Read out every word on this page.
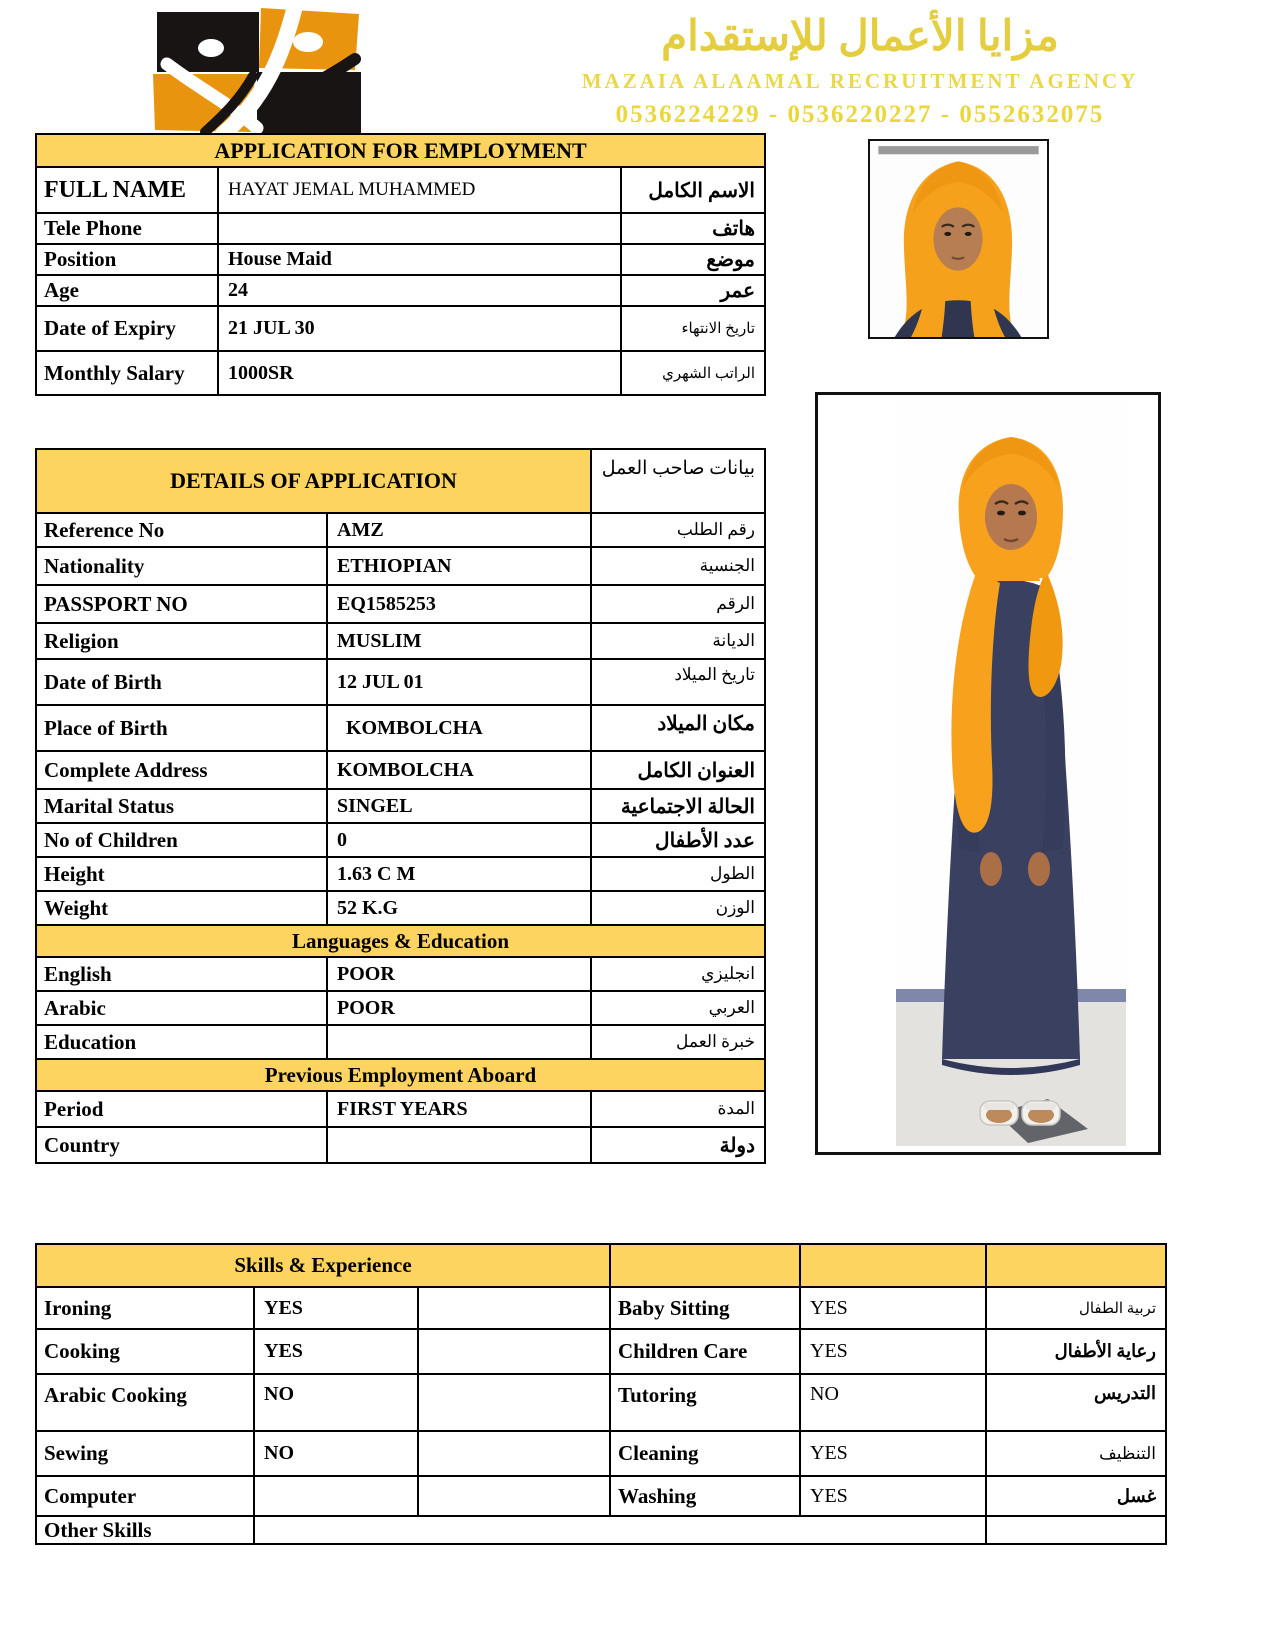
مزايا الأعمال للإستقدام
MAZAIA ALAAMAL RECRUITMENT AGENCY
0536224229 - 0536220227 - 0552632075
APPLICATION FOR EMPLOYMENT		
FULL NAME	HAYAT JEMAL MUHAMMED	الاسم الكامل
Tele Phone		هاتف
Position	House Maid	موضع
Age	24	عمر
Date of Expiry	21 JUL 30	تاريخ الانتهاء
Monthly Salary	1000SR	الراتب الشهري
DETAILS OF APPLICATION		بيانات صاحب العمل
Reference No	AMZ	رقم الطلب
Nationality	ETHIOPIAN	الجنسية
PASSPORT NO	EQ1585253	الرقم
Religion	MUSLIM	الديانة
Date of Birth	12 JUL 01	تاريخ الميلاد
Place of Birth	KOMBOLCHA	مكان الميلاد
Complete Address	KOMBOLCHA	العنوان الكامل
Marital Status	SINGEL	الحالة الاجتماعية
No of Children	0	عدد الأطفال
Height	1.63 C M	الطول
Weight	52 K.G	الوزن
Languages & Education		
English	POOR	انجليزي
Arabic	POOR	العربي
Education		خبرة العمل
Previous Employment Aboard		
Period	FIRST YEARS	المدة
Country		دولة
Skills & Experience					
Ironing	YES		Baby Sitting	YES	تربية الطفال
Cooking	YES		Children Care	YES	رعاية الأطفال
Arabic Cooking	NO		Tutoring	NO	التدريس
Sewing	NO		Cleaning	YES	التنظيف
Computer			Washing	YES	غسل
Other Skills					
